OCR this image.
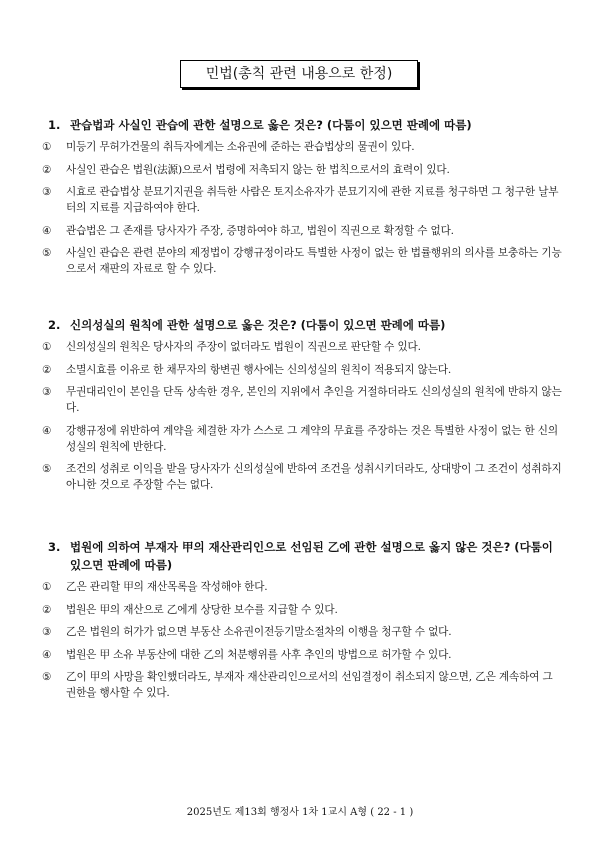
민법(총칙 관련 내용으로 한정)
1. 관습법과 사실인 관습에 관한 설명으로 옳은 것은? (다툼이 있으면 판례에 따름)
①	미등기 무허가건물의 취득자에게는 소유권에 준하는 관습법상의 물권이 있다.
②	사실인 관습은 법원(法源)으로서 법령에 저촉되지 않는 한 법칙으로서의 효력이 있다.
③	시효로 관습법상 분묘기지권을 취득한 사람은 토지소유자가 분묘기지에 관한 지료를 청구하면 그 청구한 날부터의 지료를 지급하여야 한다.
④	관습법은 그 존재를 당사자가 주장, 증명하여야 하고, 법원이 직권으로 확정할 수 없다.
⑤	사실인 관습은 관련 분야의 제정법이 강행규정이라도 특별한 사정이 없는 한 법률행위의 의사를 보충하는 기능으로서 재판의 자료로 할 수 있다.
2. 신의성실의 원칙에 관한 설명으로 옳은 것은? (다툼이 있으면 판례에 따름)
①	신의성실의 원칙은 당사자의 주장이 없더라도 법원이 직권으로 판단할 수 있다.
②	소멸시효를 이유로 한 채무자의 항변권 행사에는 신의성실의 원칙이 적용되지 않는다.
③	무권대리인이 본인을 단독 상속한 경우, 본인의 지위에서 추인을 거절하더라도 신의성실의 원칙에 반하지 않는다.
④	강행규정에 위반하여 계약을 체결한 자가 스스로 그 계약의 무효를 주장하는 것은 특별한 사정이 없는 한 신의성실의 원칙에 반한다.
⑤	조건의 성취로 이익을 받을 당사자가 신의성실에 반하여 조건을 성취시키더라도, 상대방이 그 조건이 성취하지 아니한 것으로 주장할 수는 없다.
3. 법원에 의하여 부재자 甲의 재산관리인으로 선임된 乙에 관한 설명으로 옳지 않은 것은? (다툼이 있으면 판례에 따름)
①	乙은 관리할 甲의 재산목록을 작성해야 한다.
②	법원은 甲의 재산으로 乙에게 상당한 보수를 지급할 수 있다.
③	乙은 법원의 허가가 없으면 부동산 소유권이전등기말소절차의 이행을 청구할 수 없다.
④	법원은 甲 소유 부동산에 대한 乙의 처분행위를 사후 추인의 방법으로 허가할 수 있다.
⑤	乙이 甲의 사망을 확인했더라도, 부재자 재산관리인으로서의 선임결정이 취소되지 않으면, 乙은 계속하여 그 권한을 행사할 수 있다.
2025년도 제13회 행정사 1차 1교시 A형 ( 22 - 1 )
